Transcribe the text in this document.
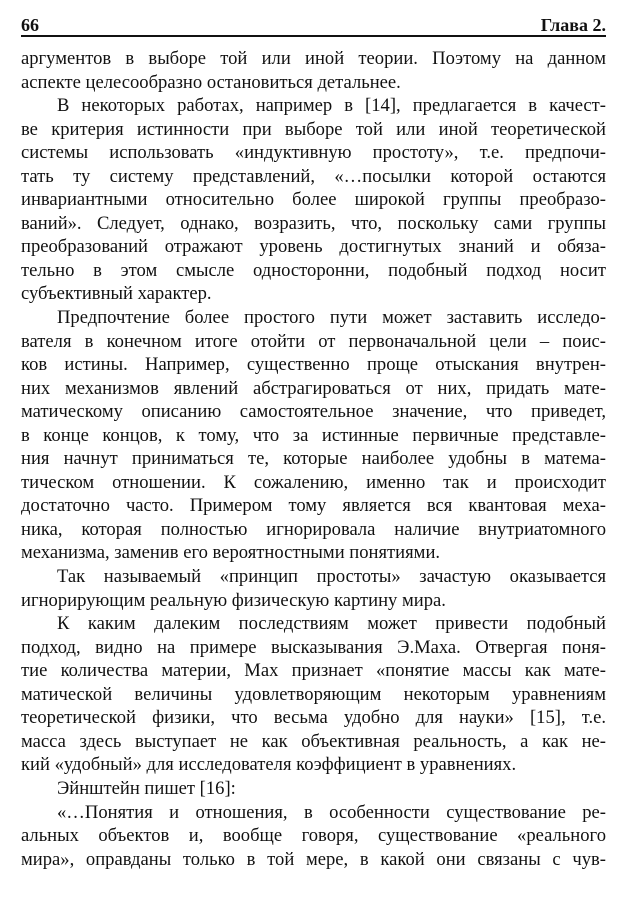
66	Глава 2.
аргументов в выборе той или иной теории. Поэтому на данном
аспекте целесообразно остановиться детальнее.
В некоторых работах, например в [14], предлагается в качест-
ве критерия истинности при выборе той или иной теоретической
системы использовать «индуктивную простоту», т.е. предпочи-
тать ту систему представлений, «…посылки которой остаются
инвариантными относительно более широкой группы преобразо-
ваний». Следует, однако, возразить, что, поскольку сами группы
преобразований отражают уровень достигнутых знаний и обяза-
тельно в этом смысле односторонни, подобный подход носит
субъективный характер.
Предпочтение более простого пути может заставить исследо-
вателя в конечном итоге отойти от первоначальной цели – поис-
ков истины. Например, существенно проще отыскания внутрен-
них механизмов явлений абстрагироваться от них, придать мате-
матическому описанию самостоятельное значение, что приведет,
в конце концов, к тому, что за истинные первичные представле-
ния начнут приниматься те, которые наиболее удобны в матема-
тическом отношении. К сожалению, именно так и происходит
достаточно часто. Примером тому является вся квантовая меха-
ника, которая полностью игнорировала наличие внутриатомного
механизма, заменив его вероятностными понятиями.
Так называемый «принцип простоты» зачастую оказывается
игнорирующим реальную физическую картину мира.
К каким далеким последствиям может привести подобный
подход, видно на примере высказывания Э.Маха. Отвергая поня-
тие количества материи, Мах признает «понятие массы как мате-
матической величины удовлетворяющим некоторым уравнениям
теоретической физики, что весьма удобно для науки» [15], т.е.
масса здесь выступает не как объективная реальность, а как не-
кий «удобный» для исследователя коэффициент в уравнениях.
Эйнштейн пишет [16]:
«…Понятия и отношения, в особенности существование ре-
альных объектов и, вообще говоря, существование «реального
мира», оправданы только в той мере, в какой они связаны с чув-
